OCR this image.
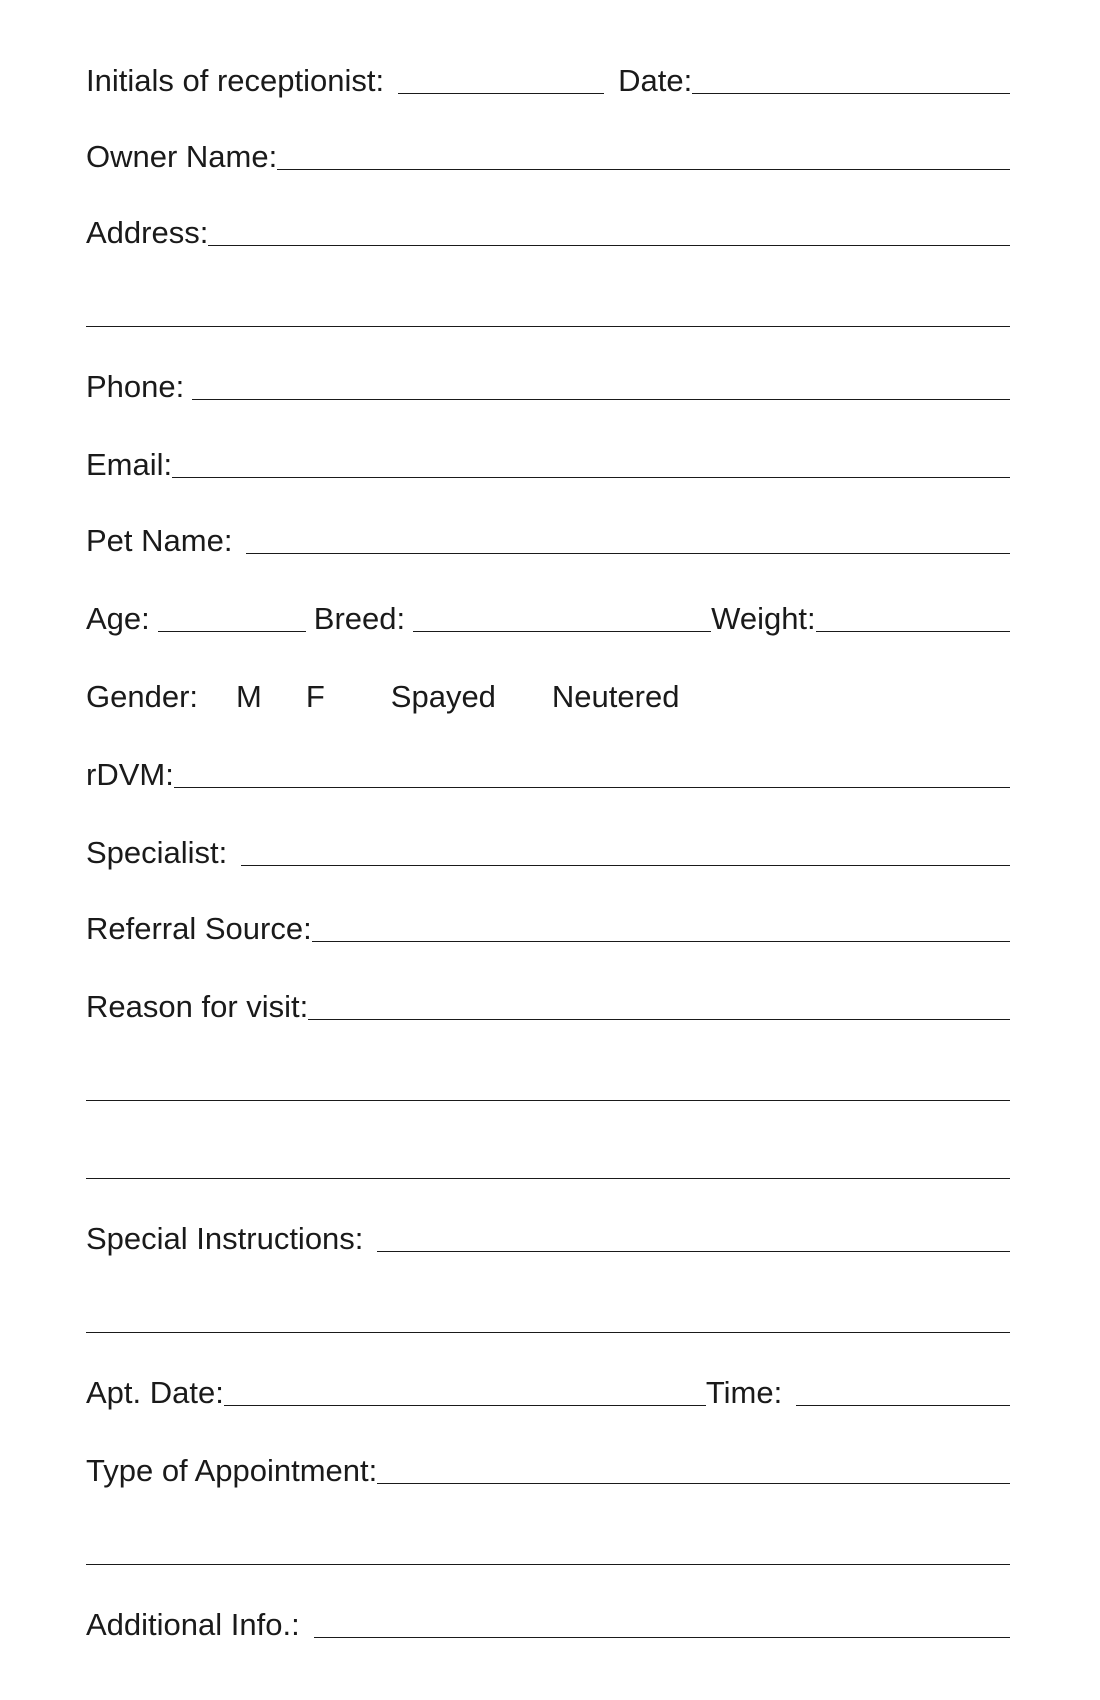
Initials of receptionist:	Date:
Owner Name:
Address:
Phone:
Email:
Pet Name:
Age:	Breed:	Weight:
Gender: M F Spayed Neutered
rDVM:
Specialist:
Referral Source:
Reason for visit:
Special Instructions:
Apt. Date:	Time:
Type of Appointment:
Additional Info.:
